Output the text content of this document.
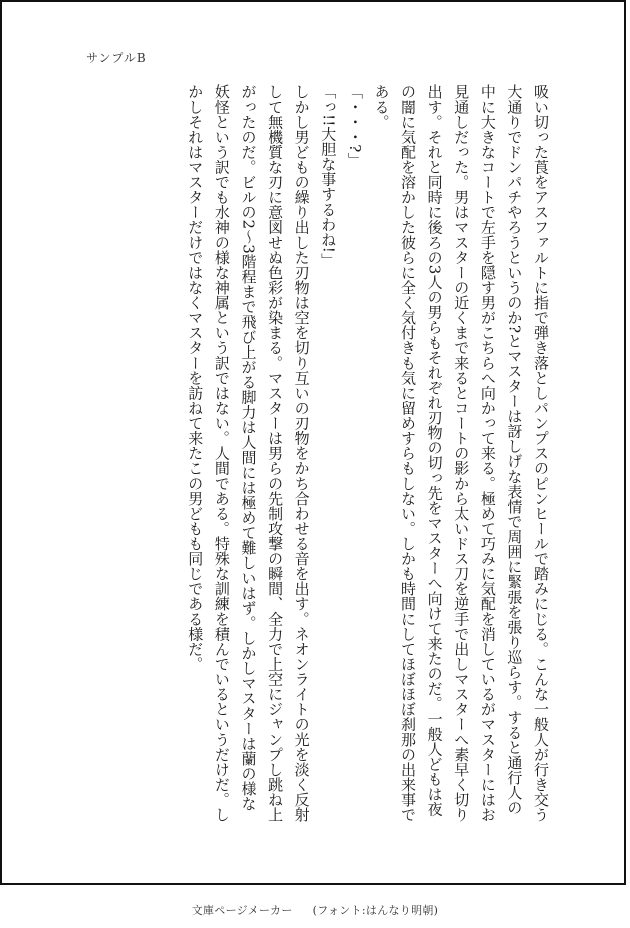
サンプルB

吸い切った莨をアスファルトに指で弾き落としパンプスのピンヒールで踏みにじる。こんな一般人が行き交う大通りでドンパチやろうというのか?とマスターは訝しげな表情で周囲に緊張を張り巡らす。すると通行人の中に大きなコートで左手を隠す男がこちらへ向かって来る。極めて巧みに気配を消しているがマスターにはお見通しだった。男はマスターの近くまで来るとコートの影から太いドス刀を逆手で出しマスターへ素早く切り出す。それと同時に後ろの3人の男らもそれぞれ刃物の切っ先をマスターへ向けて来たのだ。一般人どもは夜の闇に気配を溶かした彼らに全く気付きも気に留めすらもしない。しかも時間にしてほぼほぼ刹那の出来事である。

「・・・?」

「っ!!大胆な事するわね!」

しかし男どもの繰り出した刃物は空を切り互いの刃物をかち合わせる音を出す。ネオンライトの光を淡く反射して無機質な刃に意図せぬ色彩が染まる。マスターは男らの先制攻撃の瞬間、全力で上空にジャンプし跳ね上がったのだ。ビルの2〜3階程まで飛び上がる脚力は人間には極めて難しいはず。しかしマスターは蘭の様な妖怪という訳でも水神の様な神属という訳ではない。人間である。特殊な訓練を積んでいるというだけだ。しかしそれはマスターだけではなくマスターを訪ねて来たこの男どもも同じである様だ。

文庫ページメーカー (フォント:はんなり明朝)
